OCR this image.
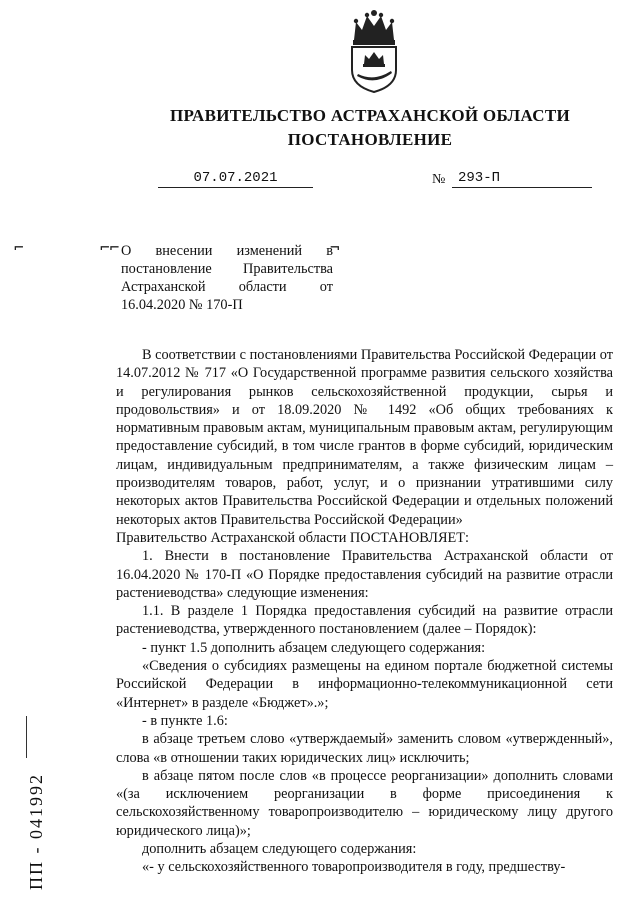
ПРАВИТЕЛЬСТВО АСТРАХАНСКОЙ ОБЛАСТИ
ПОСТАНОВЛЕНИЕ
07.07.2021	№ 293-П
⌐	⌐⌐	¬
О внесении изменений в постановление Правительства Астраханской области от 16.04.2020 № 170-П

В соответствии с постановлениями Правительства Российской Федерации от 14.07.2012 № 717 «О Государственной программе развития сельского хозяйства и регулирования рынков сельскохозяйственной продукции, сырья и продовольствия» и от 18.09.2020 № 1492 «Об общих требованиях к нормативным правовым актам, муниципальным правовым актам, регулирующим предоставление субсидий, в том числе грантов в форме субсидий, юридическим лицам, индивидуальным предпринимателям, а также физическим лицам – производителям товаров, работ, услуг, и о признании утратившими силу некоторых актов Правительства Российской Федерации и отдельных положений некоторых актов Правительства Российской Федерации»

Правительство Астраханской области ПОСТАНОВЛЯЕТ:

1. Внести в постановление Правительства Астраханской области от 16.04.2020 № 170-П «О Порядке предоставления субсидий на развитие отрасли растениеводства» следующие изменения:

1.1. В разделе 1 Порядка предоставления субсидий на развитие отрасли растениеводства, утвержденного постановлением (далее – Порядок):

- пункт 1.5 дополнить абзацем следующего содержания:

«Сведения о субсидиях размещены на едином портале бюджетной системы Российской Федерации в информационно-телекоммуникационной сети «Интернет» в разделе «Бюджет».»;

- в пункте 1.6:

в абзаце третьем слово «утверждаемый» заменить словом «утвержденный», слова «в отношении таких юридических лиц» исключить;

в абзаце пятом после слов «в процессе реорганизации» дополнить словами «(за исключением реорганизации в форме присоединения к сельскохозяйственному товаропроизводителю – юридическому лицу другого юридического лица)»;

дополнить абзацем следующего содержания:

«- у сельскохозяйственного товаропроизводителя в году, предшеству-

ПП - 041992
